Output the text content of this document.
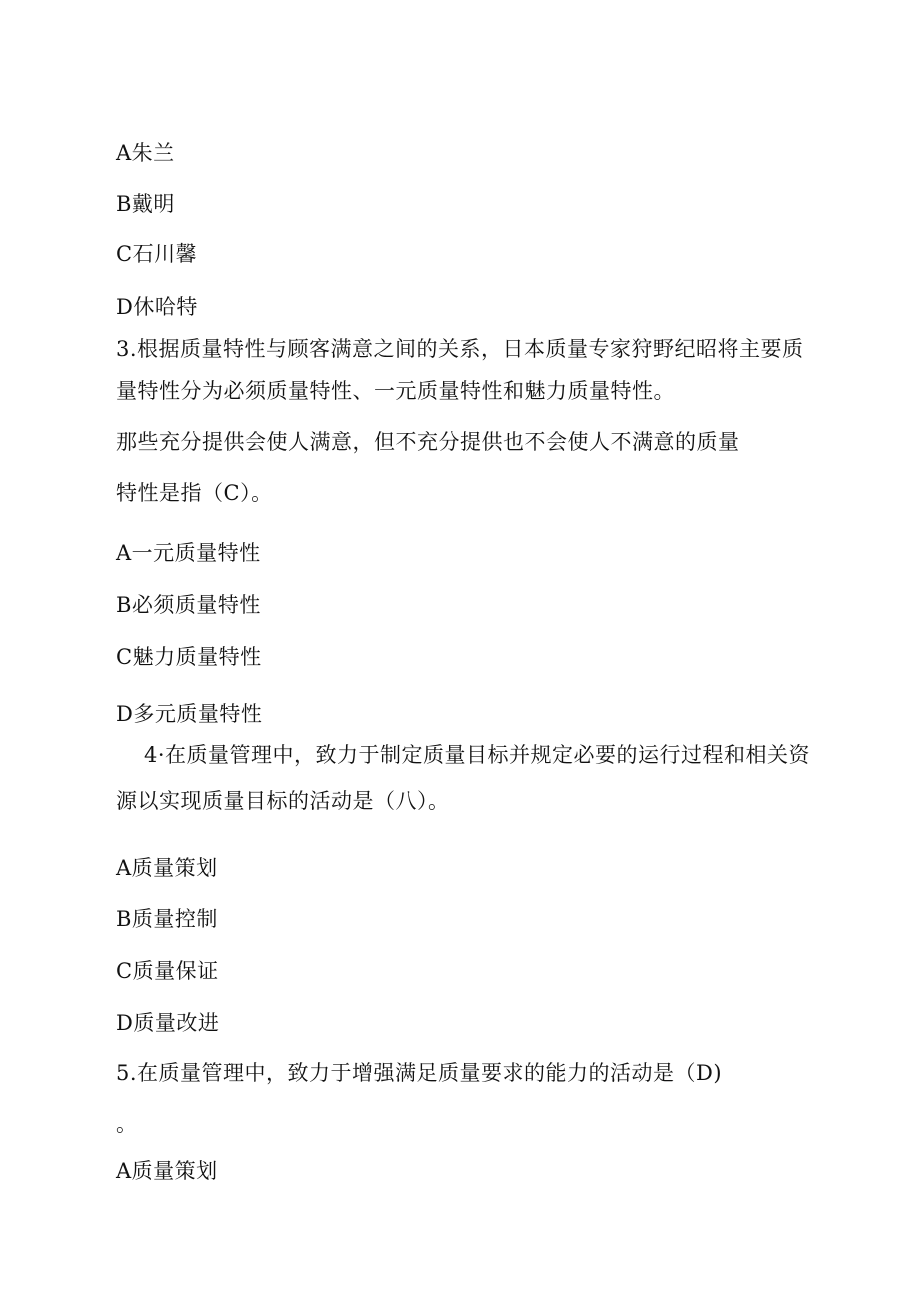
A朱兰

B戴明

C石川馨

D休哈特

3.根据质量特性与顾客满意之间的关系，日本质量专家狩野纪昭将主要质

量特性分为必须质量特性、一元质量特性和魅力质量特性。

那些充分提供会使人满意，但不充分提供也不会使人不满意的质量

特性是指（C）。

A一元质量特性

B必须质量特性

C魅力质量特性

D多元质量特性

4·在质量管理中，致力于制定质量目标并规定必要的运行过程和相关资

源以实现质量目标的活动是（八）。

A质量策划

B质量控制

C质量保证

D质量改进

5.在质量管理中，致力于增强满足质量要求的能力的活动是（D)

。

A质量策划
